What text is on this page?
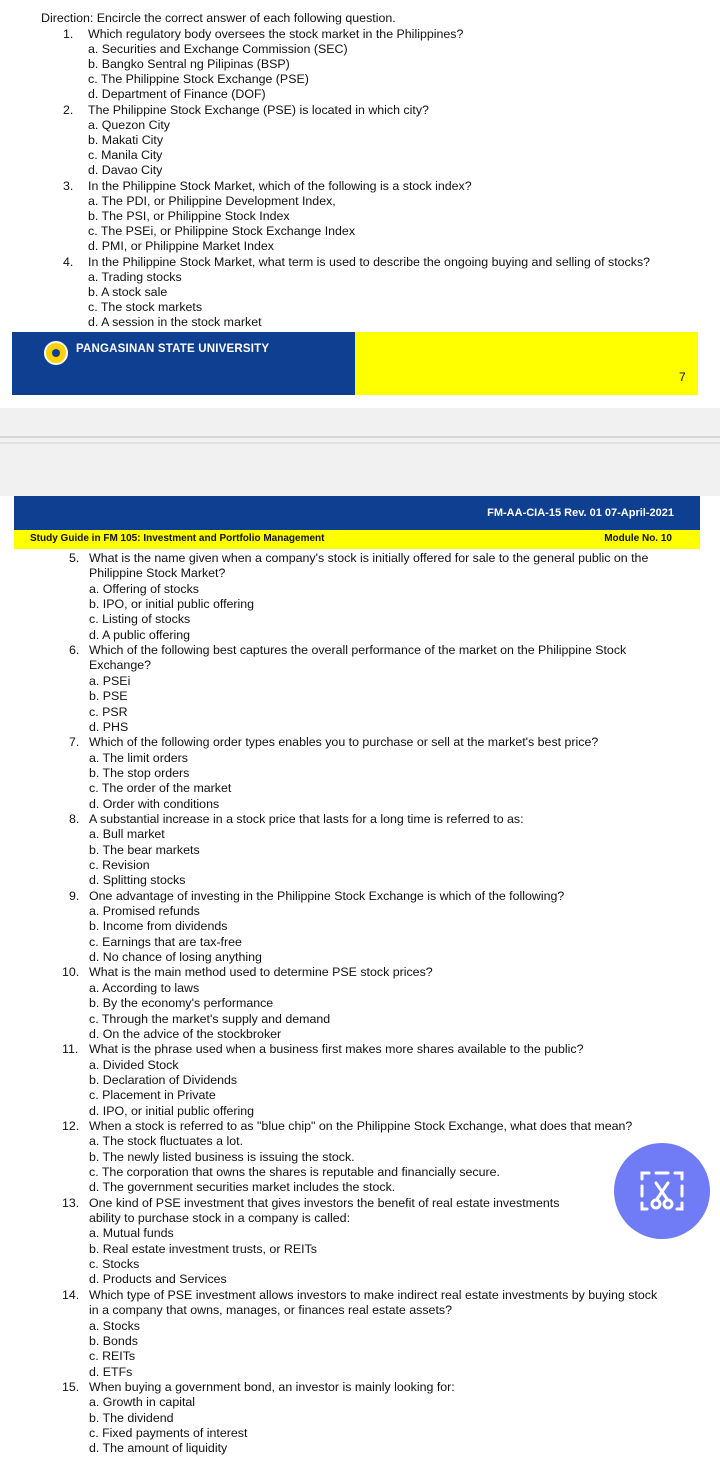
Direction: Encircle the correct answer of each following question.
1. Which regulatory body oversees the stock market in the Philippines?
a. Securities and Exchange Commission (SEC)
b. Bangko Sentral ng Pilipinas (BSP)
c. The Philippine Stock Exchange (PSE)
d. Department of Finance (DOF)
2. The Philippine Stock Exchange (PSE) is located in which city?
a. Quezon City
b. Makati City
c. Manila City
d. Davao City
3. In the Philippine Stock Market, which of the following is a stock index?
a. The PDI, or Philippine Development Index,
b. The PSI, or Philippine Stock Index
c. The PSEi, or Philippine Stock Exchange Index
d. PMI, or Philippine Market Index
4. In the Philippine Stock Market, what term is used to describe the ongoing buying and selling of stocks?
a. Trading stocks
b. A stock sale
c. The stock markets
d. A session in the stock market
PANGASINAN STATE UNIVERSITY
7
FM-AA-CIA-15 Rev. 01 07-April-2021
Study Guide in FM 105: Investment and Portfolio Management	Module No. 10
5. What is the name given when a company's stock is initially offered for sale to the general public on the
Philippine Stock Market?
a. Offering of stocks
b. IPO, or initial public offering
c. Listing of stocks
d. A public offering
6. Which of the following best captures the overall performance of the market on the Philippine Stock
Exchange?
a. PSEi
b. PSE
c. PSR
d. PHS
7. Which of the following order types enables you to purchase or sell at the market's best price?
a. The limit orders
b. The stop orders
c. The order of the market
d. Order with conditions
8. A substantial increase in a stock price that lasts for a long time is referred to as:
a. Bull market
b. The bear markets
c. Revision
d. Splitting stocks
9. One advantage of investing in the Philippine Stock Exchange is which of the following?
a. Promised refunds
b. Income from dividends
c. Earnings that are tax-free
d. No chance of losing anything
10. What is the main method used to determine PSE stock prices?
a. According to laws
b. By the economy's performance
c. Through the market's supply and demand
d. On the advice of the stockbroker
11. What is the phrase used when a business first makes more shares available to the public?
a. Divided Stock
b. Declaration of Dividends
c. Placement in Private
d. IPO, or initial public offering
12. When a stock is referred to as "blue chip" on the Philippine Stock Exchange, what does that mean?
a. The stock fluctuates a lot.
b. The newly listed business is issuing the stock.
c. The corporation that owns the shares is reputable and financially secure.
d. The government securities market includes the stock.
13. One kind of PSE investment that gives investors the benefit of real estate investments
ability to purchase stock in a company is called:
a. Mutual funds
b. Real estate investment trusts, or REITs
c. Stocks
d. Products and Services
14. Which type of PSE investment allows investors to make indirect real estate investments by buying stock
in a company that owns, manages, or finances real estate assets?
a. Stocks
b. Bonds
c. REITs
d. ETFs
15. When buying a government bond, an investor is mainly looking for:
a. Growth in capital
b. The dividend
c. Fixed payments of interest
d. The amount of liquidity
